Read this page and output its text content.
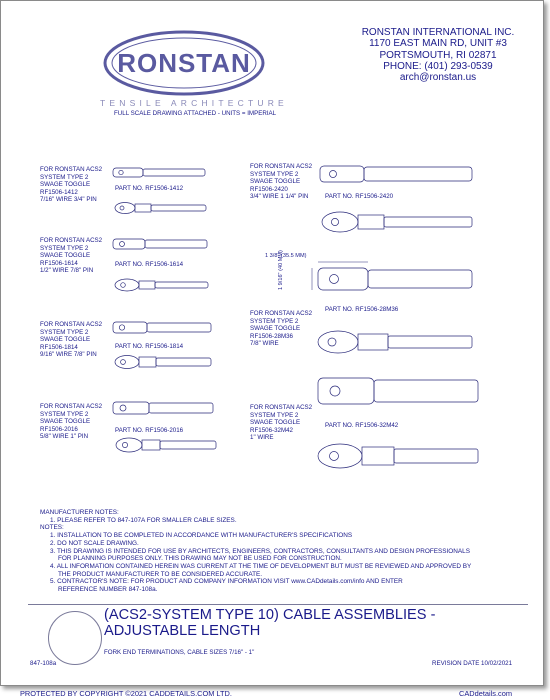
RONSTAN
TENSILE ARCHITECTURE
FULL SCALE DRAWING ATTACHED - UNITS = IMPERIAL
RONSTAN INTERNATIONAL INC.
1170 EAST MAIN RD, UNIT #3
PORTSMOUTH, RI 02871
PHONE: (401) 293-0539
arch@ronstan.us
FOR RONSTAN ACS2
SYSTEM TYPE 2
SWAGE TOGGLE
RF1506-1412
7/16" WIRE 3/4" PIN
PART NO. RF1506-1412
FOR RONSTAN ACS2
SYSTEM TYPE 2
SWAGE TOGGLE
RF1506-1614
1/2" WIRE 7/8" PIN
PART NO. RF1506-1614
FOR RONSTAN ACS2
SYSTEM TYPE 2
SWAGE TOGGLE
RF1506-1814
9/16" WIRE 7/8" PIN
PART NO. RF1506-1814
FOR RONSTAN ACS2
SYSTEM TYPE 2
SWAGE TOGGLE
RF1506-2016
5/8" WIRE 1" PIN
PART NO. RF1506-2016
FOR RONSTAN ACS2
SYSTEM TYPE 2
SWAGE TOGGLE
RF1506-2420
3/4" WIRE 1 1/4" PIN	PART NO. RF1506-2420
FOR RONSTAN ACS2
SYSTEM TYPE 2
SWAGE TOGGLE
RF1506-28M36
7/8" WIRE
PART NO. RF1506-28M36
FOR RONSTAN ACS2
SYSTEM TYPE 2
SWAGE TOGGLE
RF1506-32M42
1" WIRE
PART NO. RF1506-32M42
1 3/8" (35.5 MM)
1 9/16" (40 MM)
MANUFACTURER NOTES:
1. PLEASE REFER TO 847-107A FOR SMALLER CABLE SIZES.
NOTES:
1. INSTALLATION TO BE COMPLETED IN ACCORDANCE WITH MANUFACTURER'S SPECIFICATIONS
2. DO NOT SCALE DRAWING.
3. THIS DRAWING IS INTENDED FOR USE BY ARCHITECTS, ENGINEERS, CONTRACTORS, CONSULTANTS AND DESIGN PROFESSIONALS
FOR PLANNING PURPOSES ONLY. THIS DRAWING MAY NOT BE USED FOR CONSTRUCTION.
4. ALL INFORMATION CONTAINED HEREIN WAS CURRENT AT THE TIME OF DEVELOPMENT BUT MUST BE REVIEWED AND APPROVED BY
THE PRODUCT MANUFACTURER TO BE CONSIDERED ACCURATE.
5. CONTRACTOR'S NOTE: FOR PRODUCT AND COMPANY INFORMATION VISIT www.CADdetails.com/info AND ENTER
REFERENCE NUMBER 847-108a.
(ACS2-SYSTEM TYPE 10) CABLE ASSEMBLIES - ADJUSTABLE LENGTH
FORK END TERMINATIONS, CABLE SIZES 7/16" - 1"
847-108a	REVISION DATE 10/02/2021
PROTECTED BY COPYRIGHT ©2021 CADDETAILS.COM LTD.	CADdetails.com
